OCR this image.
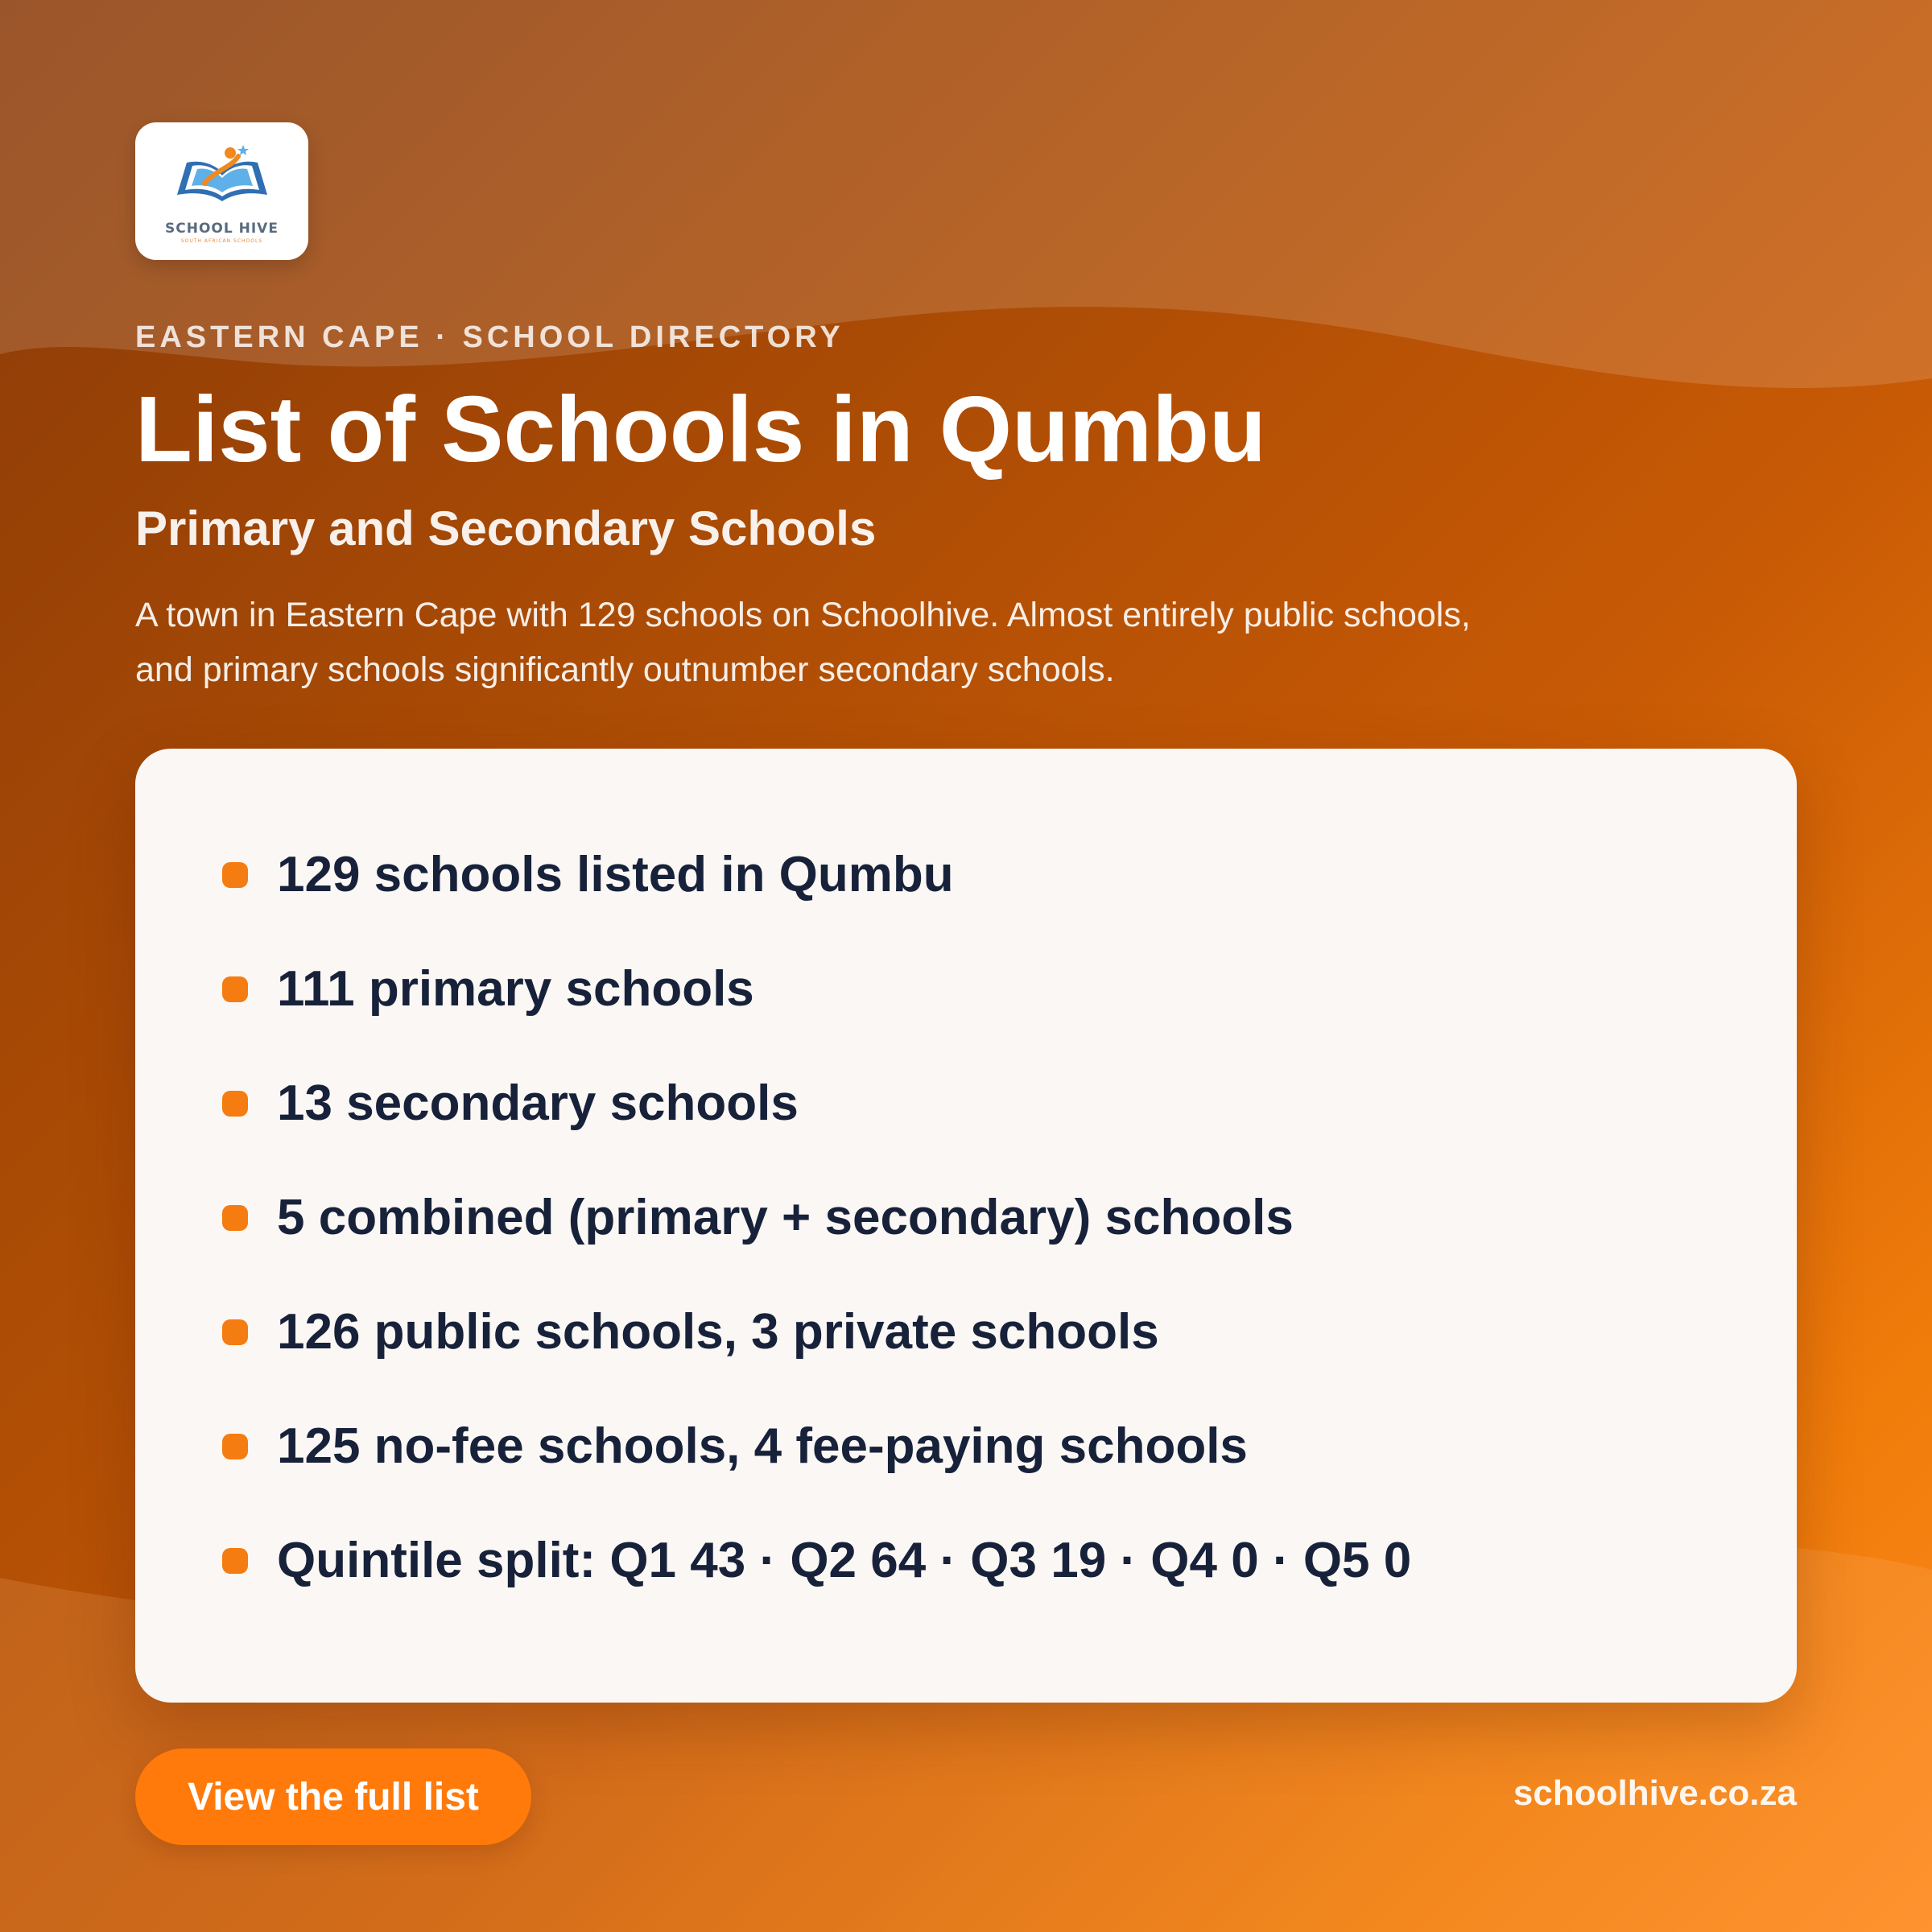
SCHOOL HIVE
SOUTH AFRICAN SCHOOLS
EASTERN CAPE · SCHOOL DIRECTORY
List of Schools in Qumbu
Primary and Secondary Schools

A town in Eastern Cape with 129 schools on Schoolhive. Almost entirely public schools, and primary schools significantly outnumber secondary schools.

129 schools listed in Qumbu
111 primary schools
13 secondary schools
5 combined (primary + secondary) schools
126 public schools, 3 private schools
125 no-fee schools, 4 fee-paying schools
Quintile split: Q1 43 · Q2 64 · Q3 19 · Q4 0 · Q5 0
View the full list	schoolhive.co.za
